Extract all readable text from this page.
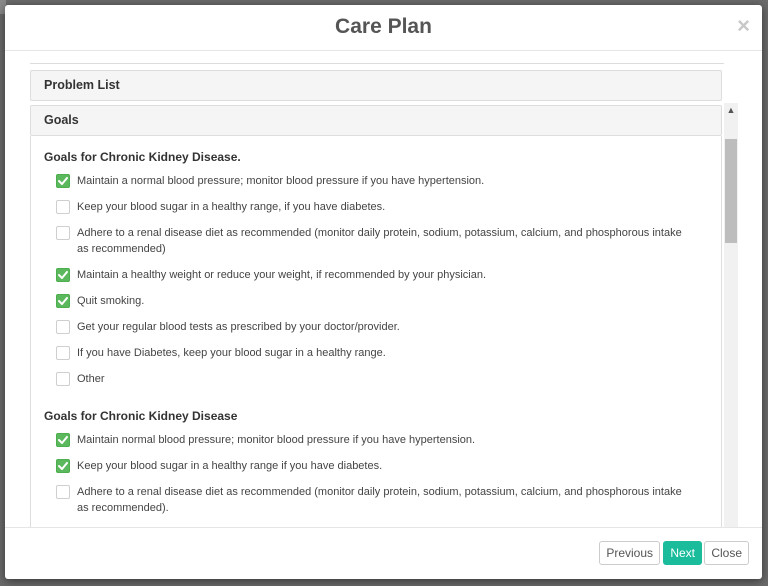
Care Plan	×
Problem List
Goals
Goals for Chronic Kidney Disease.
Maintain a normal blood pressure; monitor blood pressure if you have hypertension.
Keep your blood sugar in a healthy range, if you have diabetes.
Adhere to a renal disease diet as recommended (monitor daily protein, sodium, potassium, calcium, and phosphorous intake as recommended)
Maintain a healthy weight or reduce your weight, if recommended by your physician.
Quit smoking.
Get your regular blood tests as prescribed by your doctor/provider.
If you have Diabetes, keep your blood sugar in a healthy range.
Other
Goals for Chronic Kidney Disease
Maintain normal blood pressure; monitor blood pressure if you have hypertension.
Keep your blood sugar in a healthy range if you have diabetes.
Adhere to a renal disease diet as recommended (monitor daily protein, sodium, potassium, calcium, and phosphorous intake as recommended).
▲
Previous	Next	Close
